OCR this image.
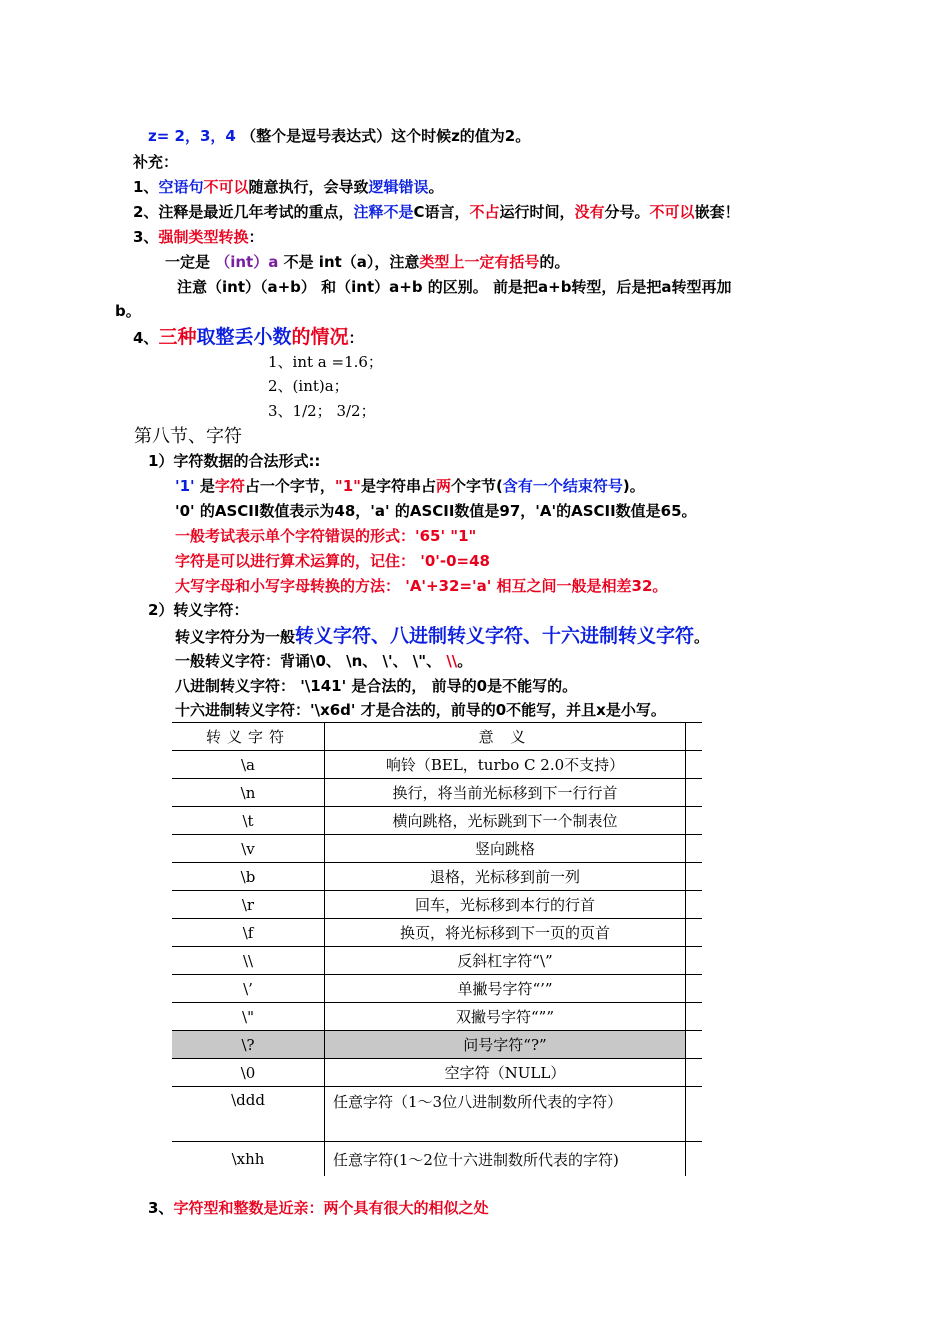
z= 2，3，4 （整个是逗号表达式）这个时候z的值为2。
补充：
1、空语句不可以随意执行，会导致逻辑错误。
2、注释是最近几年考试的重点，注释不是C语言，不占运行时间，没有分号。不可以嵌套！
3、强制类型转换：
一定是 （int）a 不是 int（a），注意类型上一定有括号的。
注意（int）（a+b） 和（int）a+b 的区别。 前是把a+b转型，后是把a转型再加
b。
4、三种取整丢小数的情况：
1、int a =1.6；
2、(int)a；
3、1/2； 3/2；
第八节、字符
1）字符数据的合法形式::
'1' 是字符占一个字节，"1"是字符串占两个字节(含有一个结束符号)。
'0' 的ASCII数值表示为48，'a' 的ASCII数值是97，'A'的ASCII数值是65。
一般考试表示单个字符错误的形式：'65' "1"
字符是可以进行算术运算的，记住： '0'-0=48
大写字母和小写字母转换的方法： 'A'+32='a' 相互之间一般是相差32。
2）转义字符：
转义字符分为一般转义字符、八进制转义字符、十六进制转义字符。
一般转义字符：背诵\0、 \n、 \'、 \"、 \\。
八进制转义字符： '\141' 是合法的， 前导的0是不能写的。
十六进制转义字符：'\x6d' 才是合法的，前导的0不能写，并且x是小写。
转义字符	意 义	
\a	响铃（BEL，turbo C 2.0不支持）	
\n	换行，将当前光标移到下一行行首	
\t	横向跳格，光标跳到下一个制表位	
\v	竖向跳格	
\b	退格，光标移到前一列	
\r	回车，光标移到本行的行首	
\f	换页，将光标移到下一页的页首	
\\	反斜杠字符“\”	
\’	单撇号字符“’”	
\"	双撇号字符“””	
\?	问号字符“?”	
\0	空字符（NULL）	
\ddd	任意字符（1～3位八进制数所代表的字符）	
\xhh	任意字符(1～2位十六进制数所代表的字符)	
3、字符型和整数是近亲：两个具有很大的相似之处
